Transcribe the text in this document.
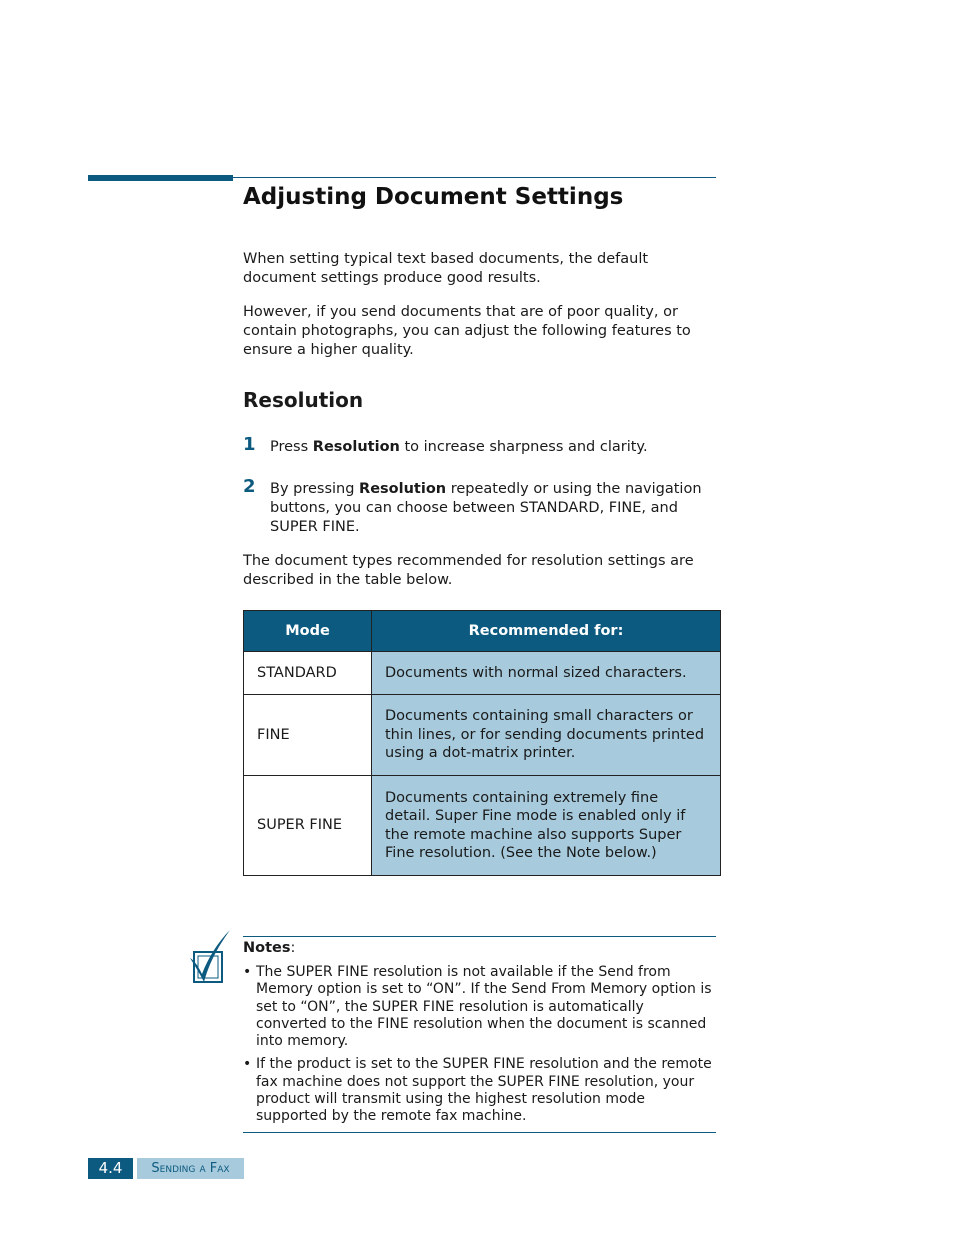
Adjusting Document Settings

When setting typical text based documents, the default document settings produce good results.

However, if you send documents that are of poor quality, or contain photographs, you can adjust the following features to ensure a higher quality.

Resolution
1 Press Resolution to increase sharpness and clarity.
2 By pressing Resolution repeatedly or using the navigation buttons, you can choose between STANDARD, FINE, and SUPER FINE.

The document types recommended for resolution settings are described in the table below.

Mode	Recommended for:
STANDARD	Documents with normal sized characters.
FINE	Documents containing small characters or thin lines, or for sending documents printed using a dot-matrix printer.
SUPER FINE	Documents containing extremely fine detail. Super Fine mode is enabled only if the remote machine also supports Super Fine resolution. (See the Note below.)
Notes:
• The SUPER FINE resolution is not available if the Send from Memory option is set to “ON”. If the Send From Memory option is set to “ON”, the SUPER FINE resolution is automatically converted to the FINE resolution when the document is scanned into memory.
• If the product is set to the SUPER FINE resolution and the remote fax machine does not support the SUPER FINE resolution, your product will transmit using the highest resolution mode supported by the remote fax machine.
4.4	Sending a Fax
